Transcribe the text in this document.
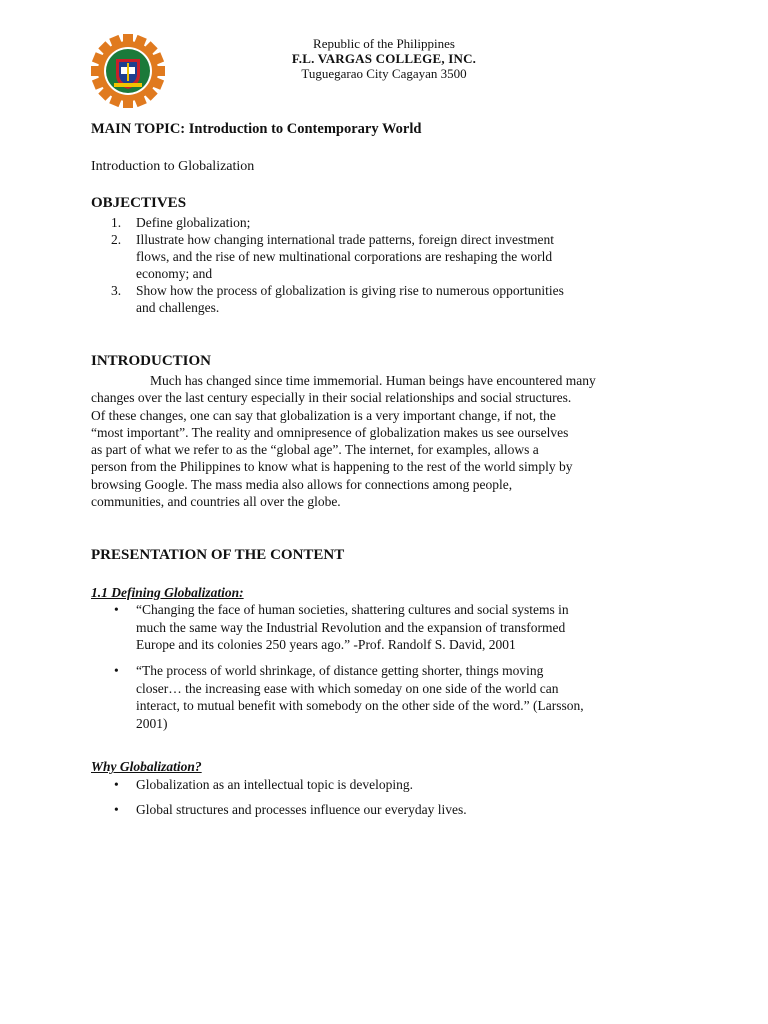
Republic of the Philippines
F.L. VARGAS COLLEGE, INC.
Tuguegarao City Cagayan 3500
MAIN TOPIC: Introduction to Contemporary World
Introduction to Globalization
OBJECTIVES
1. Define globalization;
2. Illustrate how changing international trade patterns, foreign direct investment
flows, and the rise of new multinational corporations are reshaping the world
economy; and
3. Show how the process of globalization is giving rise to numerous opportunities
and challenges.
INTRODUCTION
Much has changed since time immemorial. Human beings have encountered many
changes over the last century especially in their social relationships and social structures.
Of these changes, one can say that globalization is a very important change, if not, the
“most important”. The reality and omnipresence of globalization makes us see ourselves
as part of what we refer to as the “global age”. The internet, for examples, allows a
person from the Philippines to know what is happening to the rest of the world simply by
browsing Google. The mass media also allows for connections among people,
communities, and countries all over the globe.
PRESENTATION OF THE CONTENT
1.1 Defining Globalization:
• “Changing the face of human societies, shattering cultures and social systems in
much the same way the Industrial Revolution and the expansion of transformed
Europe and its colonies 250 years ago.” -Prof. Randolf S. David, 2001
• “The process of world shrinkage, of distance getting shorter, things moving
closer… the increasing ease with which someday on one side of the world can
interact, to mutual benefit with somebody on the other side of the word.” (Larsson,
2001)
Why Globalization?
• Globalization as an intellectual topic is developing.
• Global structures and processes influence our everyday lives.
